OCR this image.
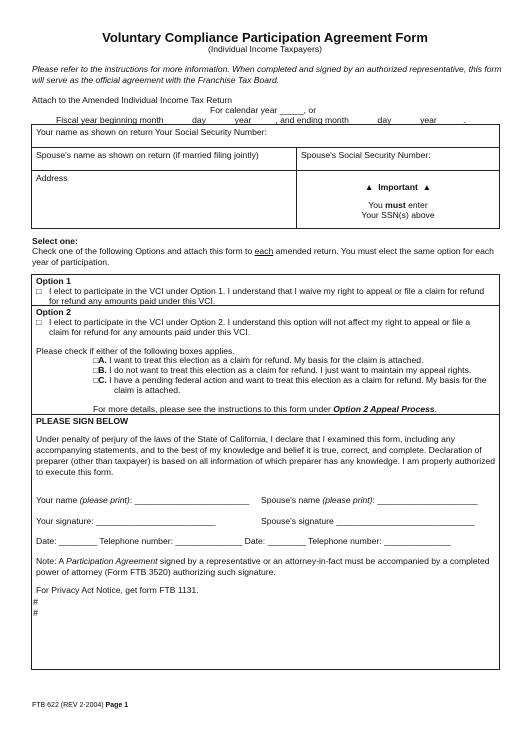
Voluntary Compliance Participation Agreement Form
(Individual Income Taxpayers)
Please refer to the instructions for more information. When completed and signed by an authorized representative, this form will serve as the official agreement with the Franchise Tax Board.
Attach to the Amended Individual Income Tax Return
For calendar year _____, or
Fiscal year beginning month _____ day _____ year_____, and ending month _____ day _____ year _____.
Your name as shown on return Your Social Security Number:
Spouse's name as shown on return (if married filing jointly)	Spouse's Social Security Number:
Address
▲ Important ▲
You must enter
Your SSN(s) above
Select one:
Check one of the following Options and attach this form to each amended return. You must elect the same option for each year of participation.
Option 1
□ I elect to participate in the VCI under Option 1. I understand that I waive my right to appeal or file a claim for refund
for refund any amounts paid under this VCI.
Option 2
□ I elect to participate in the VCI under Option 2. I understand this option will not affect my right to appeal or file a
claim for refund for any amounts paid under this VCI.
Please check if either of the following boxes applies.
□A. I want to treat this election as a claim for refund. My basis for the claim is attached.
□B. I do not want to treat this election as a claim for refund. I just want to maintain my appeal rights.
□C. I have a pending federal action and want to treat this election as a claim for refund. My basis for the
claim is attached.
For more details, please see the instructions to this form under Option 2 Appeal Process.
PLEASE SIGN BELOW
Under penalty of perjury of the laws of the State of California, I declare that I examined this form, including any accompanying statements, and to the best of my knowledge and belief it is true, correct, and complete. Declaration of preparer (other than taxpayer) is based on all information of which preparer has any knowledge. I am properly authorized to execute this form.
Your name (please print): ________________________ Spouse's name (please print): _____________________
Your signature: _________________________	Spouse's signature _____________________________
Date: ________ Telephone number: ______________ Date: ________ Telephone number: ______________
Note: A Participation Agreement signed by a representative or an attorney-in-fact must be accompanied by a completed power of attorney (Form FTB 3520) authorizing such signature.
For Privacy Act Notice, get form FTB 1131.
#
#
FTB 622 (REV 2-2004) Page 1
